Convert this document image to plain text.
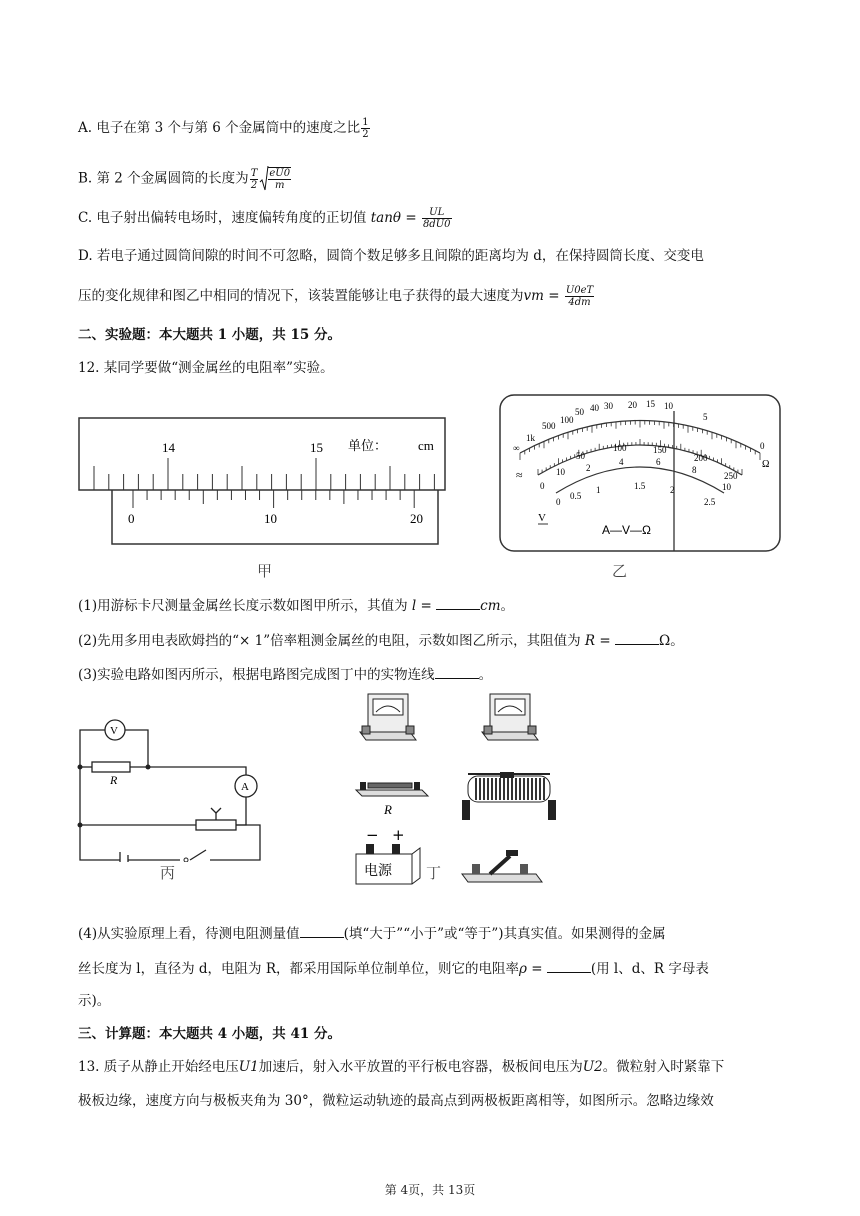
A. 电子在第 3 个与第 6 个金属筒中的速度之比 $\frac{1}{2}$
B. 第 2 个金属圆筒的长度为 $\frac{T}{2} \frac{eU0}{m}$
C. 电子射出偏转电场时，速度偏转角度的正切值 $\tan\theta = \frac{UL}{8dU0}$
D. 若电子通过圆筒间隙的时间不可忽略，圆筒个数足够多且间隙的距离均为 d，在保持圆筒长度、交变电
压的变化规律和图乙中相同的情况下，该装置能够让电子获得的最大速度为vm = $\frac{U0eT}{4dm}$
二、实验题：本大题共 1 小题，共 15 分。
12. 某同学要做“测金属丝的电阻率”实验。
14	15 单位： cm
0	10	20
甲
∞
1k
500
100
50 40 30 20 15 10
5
0
Ω
≈
0
10
50
2
100
4
150
6	200
8
250
10
0
0.5
1	1.5	2
2.5
V
A—V—Ω
乙
(1)用游标卡尺测量金属丝长度示数如图甲所示，其值为 l =	cm。
(2)先用多用电表欧姆挡的“× 1”倍率粗测金属丝的电阻，示数如图乙所示，其阻值为 R =	Ω。
(3)实验电路如图丙所示，根据电路图完成图丁中的实物连线	。
V
R	A
丙
R
− +
电源 丁
(4)从实验原理上看，待测电阻测量值	(填“大于”“小于”或“等于”)其真实值。如果测得的金属
丝长度为 l，直径为 d，电阻为 R，都采用国际单位制单位，则它的电阻率ρ =	(用 l、d、R 字母表
示)。
三、计算题：本大题共 4 小题，共 41 分。
13. 质子从静止开始经电压U1加速后，射入水平放置的平行板电容器，极板间电压为U2。微粒射入时紧靠下
极板边缘，速度方向与极板夹角为 30°，微粒运动轨迹的最高点到两极板距离相等，如图所示。忽略边缘效
第 4页，共 13页
